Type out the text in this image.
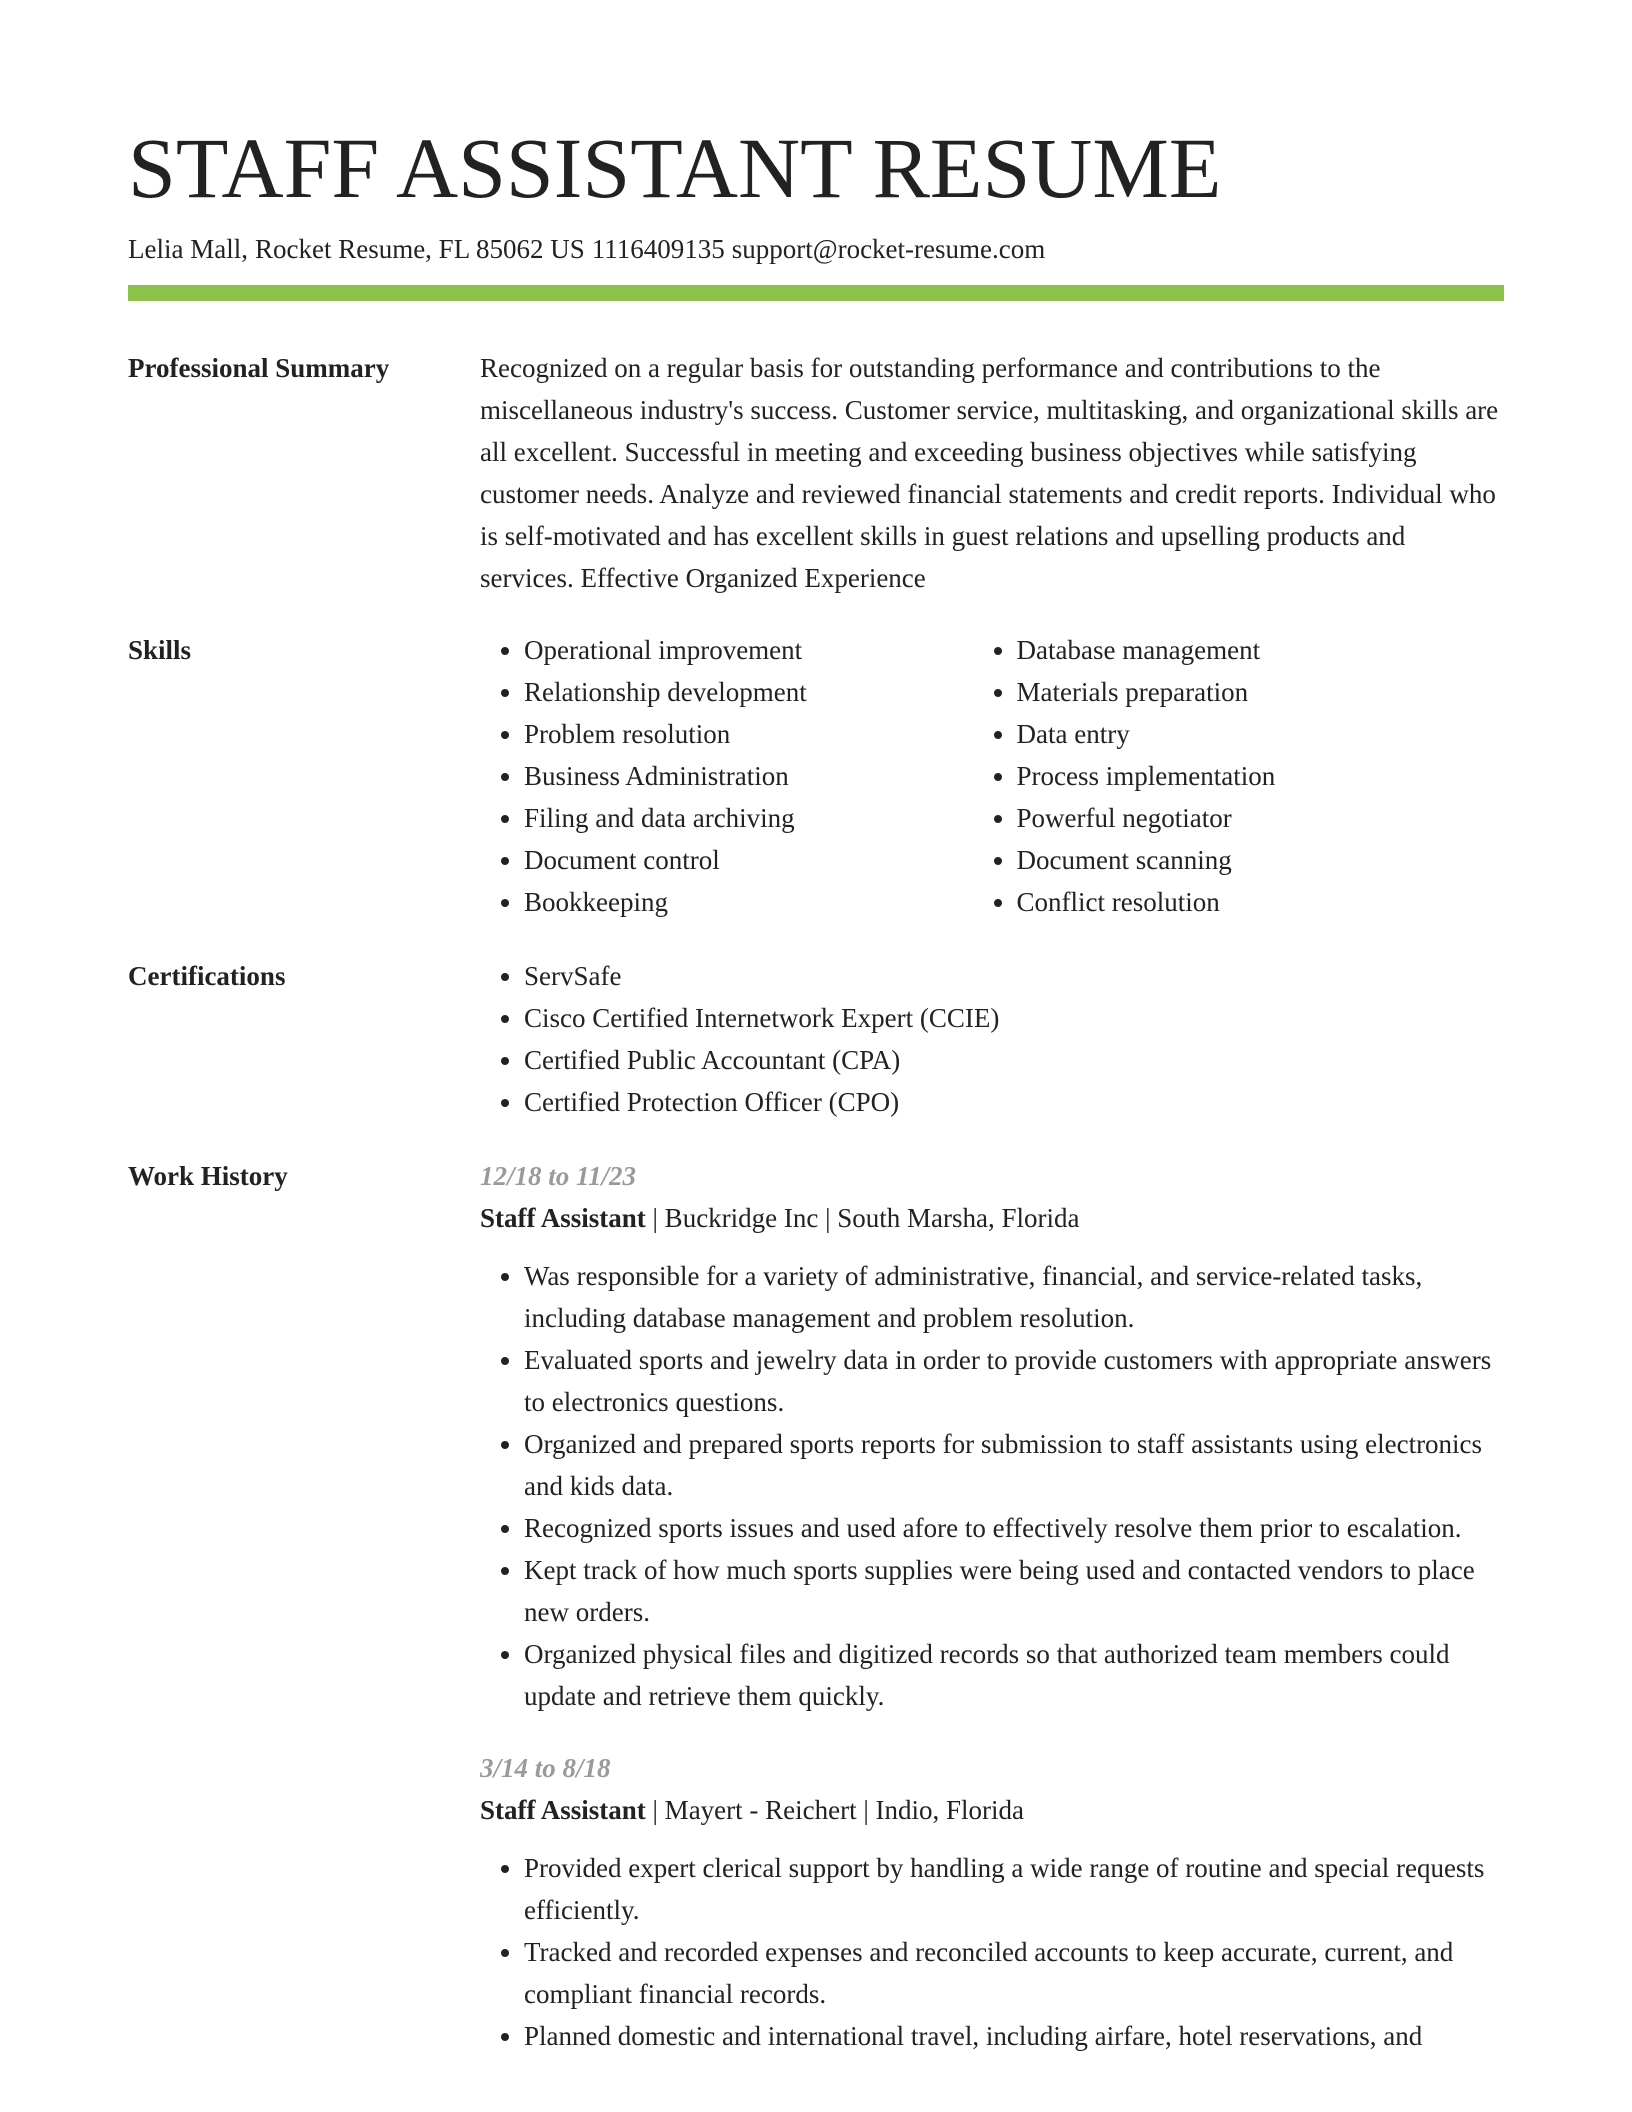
STAFF ASSISTANT RESUME
Lelia Mall, Rocket Resume, FL 85062 US 1116409135 support@rocket-resume.com
Professional Summary	Recognized on a regular basis for outstanding performance and contributions to the miscellaneous industry's success. Customer service, multitasking, and organizational skills are all excellent. Successful in meeting and exceeding business objectives while satisfying customer needs. Analyze and reviewed financial statements and credit reports. Individual who is self-motivated and has excellent skills in guest relations and upselling products and services. Effective Organized Experience

Skills	• Operational improvement
• Relationship development
• Problem resolution
• Business Administration
• Filing and data archiving
• Document control
• Bookkeeping
• Database management
• Materials preparation
• Data entry
• Process implementation
• Powerful negotiator
• Document scanning
• Conflict resolution
Certifications	• ServSafe
• Cisco Certified Internetwork Expert (CCIE)
• Certified Public Accountant (CPA)
• Certified Protection Officer (CPO)
Work History	12/18 to 11/23
Staff Assistant | Buckridge Inc | South Marsha, Florida
• Was responsible for a variety of administrative, financial, and service-related tasks, including database management and problem resolution.
• Evaluated sports and jewelry data in order to provide customers with appropriate answers to electronics questions.
• Organized and prepared sports reports for submission to staff assistants using electronics and kids data.
• Recognized sports issues and used afore to effectively resolve them prior to escalation.
• Kept track of how much sports supplies were being used and contacted vendors to place new orders.
• Organized physical files and digitized records so that authorized team members could update and retrieve them quickly.
3/14 to 8/18
Staff Assistant | Mayert - Reichert | Indio, Florida
• Provided expert clerical support by handling a wide range of routine and special requests efficiently.
• Tracked and recorded expenses and reconciled accounts to keep accurate, current, and compliant financial records.
• Planned domestic and international travel, including airfare, hotel reservations, and
